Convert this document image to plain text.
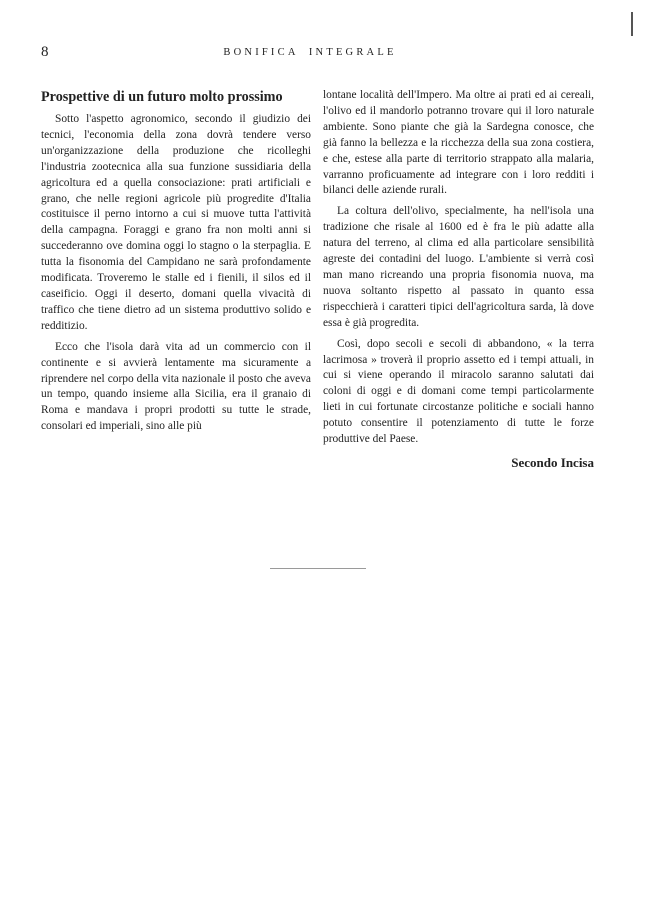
8	BONIFICA INTEGRALE
Prospettive di un futuro molto prossimo

Sotto l'aspetto agronomico, secondo il giudizio dei tecnici, l'economia della zona dovrà tendere verso un'organizzazione della produzione che ricolleghi l'industria zootecnica alla sua funzione sussidiaria della agricoltura ed a quella consociazione: prati artificiali e grano, che nelle regioni agricole più progredite d'Italia costituisce il perno intorno a cui si muove tutta l'attività della campagna. Foraggi e grano fra non molti anni si succederanno ove domina oggi lo stagno o la sterpaglia. E tutta la fisonomia del Campidano ne sarà profondamente modificata. Troveremo le stalle ed i fienili, il silos ed il caseificio. Oggi il deserto, domani quella vivacità di traffico che tiene dietro ad un sistema produttivo solido e redditizio.

Ecco che l'isola darà vita ad un commercio con il continente e si avvierà lentamente ma sicuramente a riprendere nel corpo della vita nazionale il posto che aveva un tempo, quando insieme alla Sicilia, era il granaio di Roma e mandava i propri prodotti su tutte le strade, consolari ed imperiali, sino alle più

lontane località dell'Impero. Ma oltre ai prati ed ai cereali, l'olivo ed il mandorlo potranno trovare qui il loro naturale ambiente. Sono piante che già la Sardegna conosce, che già fanno la bellezza e la ricchezza della sua zona costiera, e che, estese alla parte di territorio strappato alla malaria, varranno proficuamente ad integrare con i loro redditi i bilanci delle aziende rurali.

La coltura dell'olivo, specialmente, ha nell'isola una tradizione che risale al 1600 ed è fra le più adatte alla natura del terreno, al clima ed alla particolare sensibilità agreste dei contadini del luogo. L'ambiente si verrà così man mano ricreando una propria fisonomia nuova, ma nuova soltanto rispetto al passato in quanto essa rispecchierà i caratteri tipici dell'agricoltura sarda, là dove essa è già progredita.

Così, dopo secoli e secoli di abbandono, « la terra lacrimosa » troverà il proprio assetto ed i tempi attuali, in cui si viene operando il miracolo saranno salutati dai coloni di oggi e di domani come tempi particolarmente lieti in cui fortunate circostanze politiche e sociali hanno potuto consentire il potenziamento di tutte le forze produttive del Paese.

Secondo Incisa
